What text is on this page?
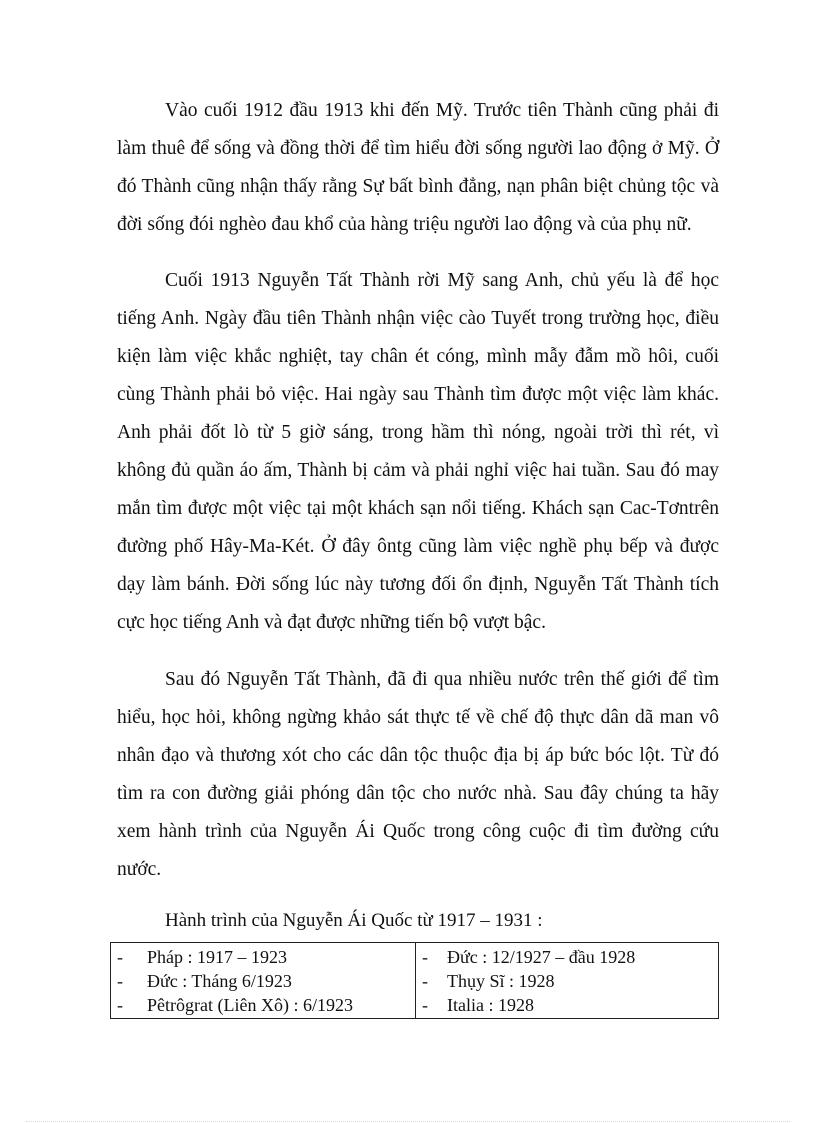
Vào cuối 1912 đầu 1913 khi đến Mỹ. Trước tiên Thành cũng phải đi làm thuê để sống và đồng thời để tìm hiểu đời sống người lao động ở Mỹ. Ở đó Thành cũng nhận thấy rằng Sự bất bình đẳng, nạn phân biệt chủng tộc và đời sống đói nghèo đau khổ của hàng triệu người lao động và của phụ nữ.

Cuối 1913 Nguyễn Tất Thành rời Mỹ sang Anh, chủ yếu là để học tiếng Anh. Ngày đầu tiên Thành nhận việc cào Tuyết trong trường học, điều kiện làm việc khắc nghiệt, tay chân ét cóng, mình mẫy đẫm mồ hôi, cuối cùng Thành phải bỏ việc. Hai ngày sau Thành tìm được một việc làm khác. Anh phải đốt lò từ 5 giờ sáng, trong hầm thì nóng, ngoài trời thì rét, vì không đủ quần áo ấm, Thành bị cảm và phải nghỉ việc hai tuần. Sau đó may mắn tìm được một việc tại một khách sạn nổi tiếng. Khách sạn Cac-Tơntrên đường phố Hây-Ma-Két. Ở đây ôntg cũng làm việc nghề phụ bếp và được dạy làm bánh. Đời sống lúc này tương đối ổn định, Nguyễn Tất Thành tích cực học tiếng Anh và đạt được những tiến bộ vượt bậc.

Sau đó Nguyễn Tất Thành, đã đi qua nhiều nước trên thế giới để tìm hiểu, học hỏi, không ngừng khảo sát thực tế về chế độ thực dân dã man vô nhân đạo và thương xót cho các dân tộc thuộc địa bị áp bức bóc lột. Từ đó tìm ra con đường giải phóng dân tộc cho nước nhà. Sau đây chúng ta hãy xem hành trình của Nguyễn Ái Quốc trong công cuộc đi tìm đường cứu nước.

Hành trình của Nguyễn Ái Quốc từ 1917 – 1931 :

-	Pháp : 1917 – 1923
-	Đức : Tháng 6/1923
-	Pêtrôgrat (Liên Xô) : 6/1923

-	Đức : 12/1927 – đầu 1928
-	Thụy Sĩ : 1928
-	Italia : 1928
